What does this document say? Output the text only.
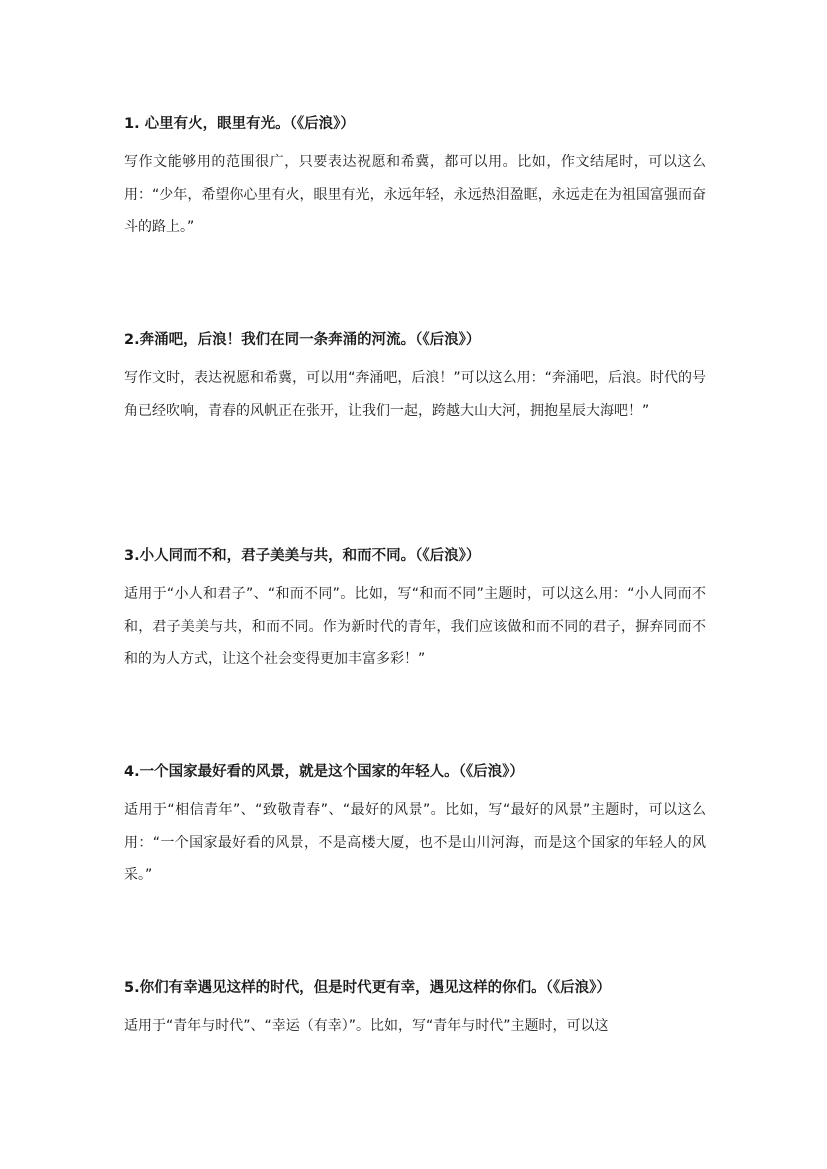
1. 心里有火，眼里有光。（《后浪》）

写作文能够用的范围很广，只要表达祝愿和希冀，都可以用。比如，作文结尾时，可以这么用：“少年，希望你心里有火，眼里有光，永远年轻，永远热泪盈眶，永远走在为祖国富强而奋斗的路上。”

2.奔涌吧，后浪！我们在同一条奔涌的河流。（《后浪》）

写作文时，表达祝愿和希冀，可以用“奔涌吧，后浪！”可以这么用：“奔涌吧，后浪。时代的号角已经吹响，青春的风帆正在张开，让我们一起，跨越大山大河，拥抱星辰大海吧！”

3.小人同而不和，君子美美与共，和而不同。（《后浪》）

适用于“小人和君子”、“和而不同”。比如，写“和而不同”主题时，可以这么用：“小人同而不和，君子美美与共，和而不同。作为新时代的青年，我们应该做和而不同的君子，摒弃同而不和的为人方式，让这个社会变得更加丰富多彩！”

4.一个国家最好看的风景，就是这个国家的年轻人。（《后浪》）

适用于“相信青年”、“致敬青春”、“最好的风景”。比如，写“最好的风景”主题时，可以这么用：“一个国家最好看的风景，不是高楼大厦，也不是山川河海，而是这个国家的年轻人的风采。”

5.你们有幸遇见这样的时代，但是时代更有幸，遇见这样的你们。（《后浪》）

适用于“青年与时代”、“幸运（有幸）”。比如，写“青年与时代”主题时，可以这
